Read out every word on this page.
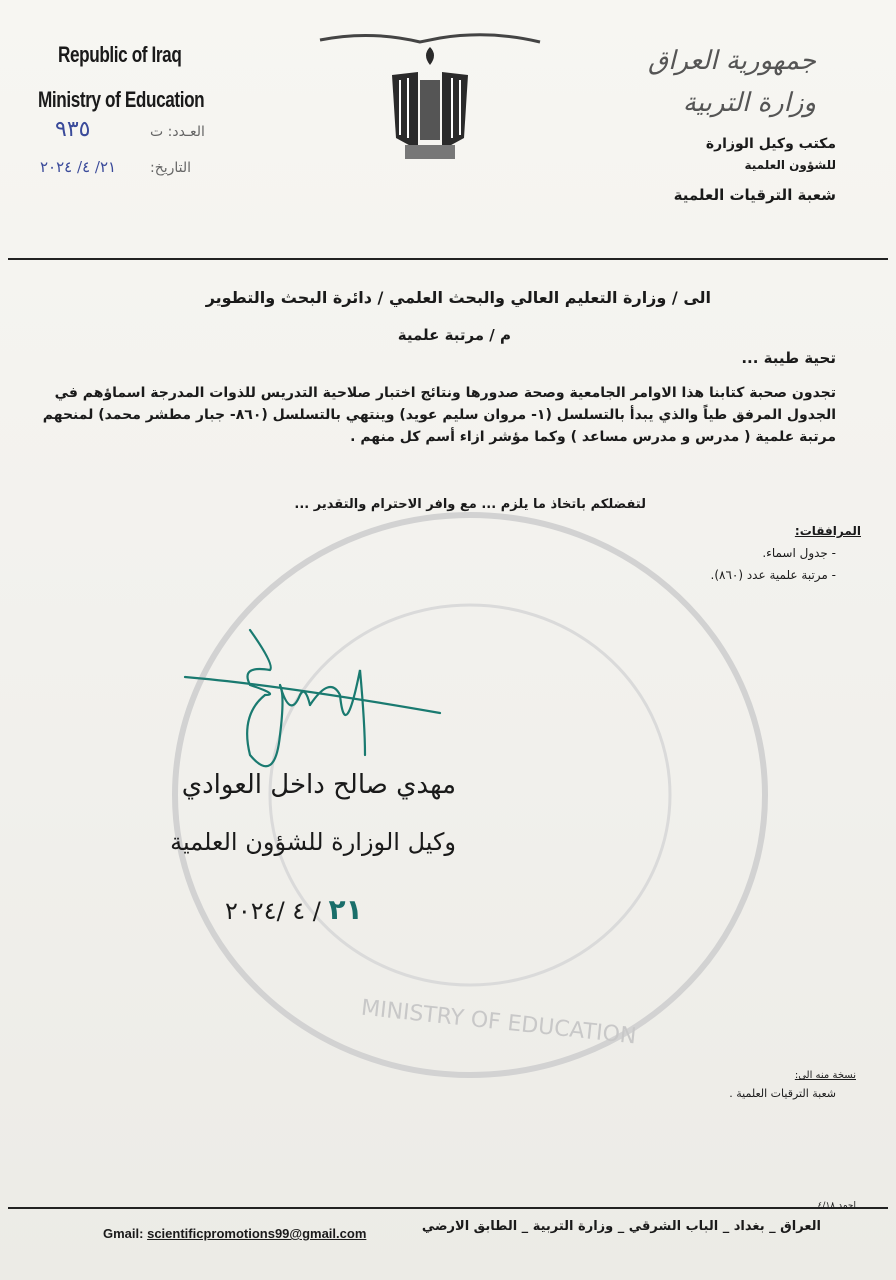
MINISTRY OF EDUCATION
Republic of Iraq
Ministry of Education
العـدد: ت
٩٣٥
التاريخ:
٢١/ ٤/ ٢٠٢٤
جمهورية العراق
وزارة التربية
مكتب وكيل الوزارة
للشؤون العلمية
شعبة الترقيات العلمية
الى / وزارة التعليم العالي والبحث العلمي / دائرة البحث والتطوير
م / مرتبة علمية
تحية طيبة ...
تجدون صحبة كتابنا هذا الاوامر الجامعية وصحة صدورها ونتائج اختبار صلاحية التدريس للذوات المدرجة اسماؤهم في الجدول المرفق طياً والذي يبدأ بالتسلسل (١- مروان سليم عويد) وينتهي بالتسلسل (٨٦٠- جبار مطشر محمد) لمنحهم مرتبة علمية ( مدرس و مدرس مساعد ) وكما مؤشر ازاء أسم كل منهم .
لتفضلكم باتخاذ ما يلزم ... مع وافر الاحترام والتقدير ...
المرافقات:
- جدول اسماء.
- مرتبة علمية عدد (٨٦٠).
مهدي صالح داخل العوادي
وكيل الوزارة للشؤون العلمية
٢١ / ٤ /٢٠٢٤
نسخة منه الى:
شعبة الترقيات العلمية .
احمد ٤/١٨
العراق _ بغداد _ الباب الشرقي _ وزارة التربية _ الطابق الارضي
Gmail: scientificpromotions99@gmail.com
